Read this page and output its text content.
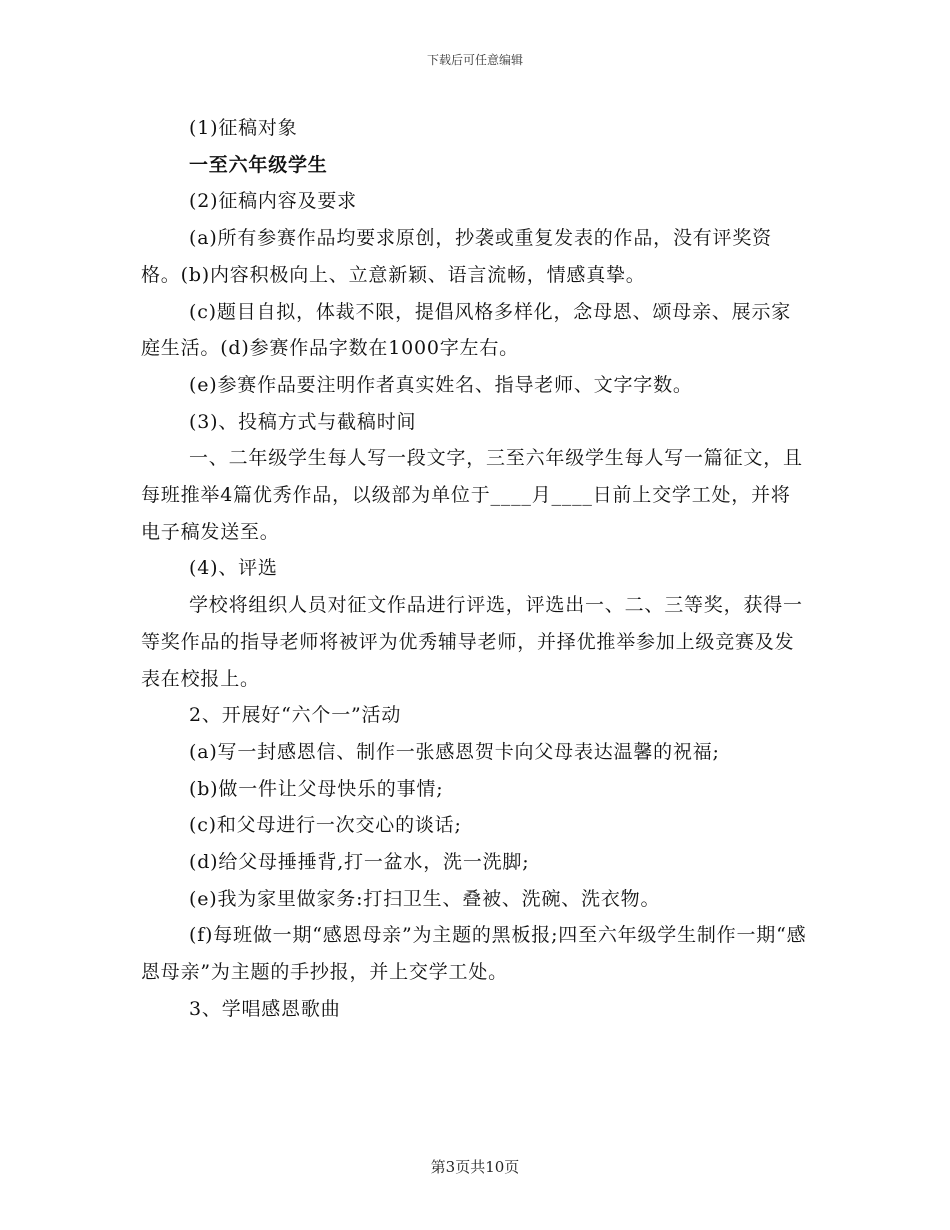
下载后可任意编辑

(1)征稿对象

一至六年级学生

(2)征稿内容及要求

(a)所有参赛作品均要求原创，抄袭或重复发表的作品，没有评奖资格。(b)内容积极向上、立意新颖、语言流畅，情感真挚。

(c)题目自拟，体裁不限，提倡风格多样化，念母恩、颂母亲、展示家庭生活。(d)参赛作品字数在1000字左右。

(e)参赛作品要注明作者真实姓名、指导老师、文字字数。

(3)、投稿方式与截稿时间

一、二年级学生每人写一段文字，三至六年级学生每人写一篇征文，且每班推举4篇优秀作品，以级部为单位于____月____日前上交学工处，并将电子稿发送至。

(4)、评选

学校将组织人员对征文作品进行评选，评选出一、二、三等奖，获得一等奖作品的指导老师将被评为优秀辅导老师，并择优推举参加上级竞赛及发表在校报上。

2、开展好“六个一”活动

(a)写一封感恩信、制作一张感恩贺卡向父母表达温馨的祝福;

(b)做一件让父母快乐的事情;

(c)和父母进行一次交心的谈话;

(d)给父母捶捶背,打一盆水，洗一洗脚;

(e)我为家里做家务:打扫卫生、叠被、洗碗、洗衣物。

(f)每班做一期“感恩母亲”为主题的黑板报;四至六年级学生制作一期“感恩母亲”为主题的手抄报，并上交学工处。

3、学唱感恩歌曲

第3页共10页
